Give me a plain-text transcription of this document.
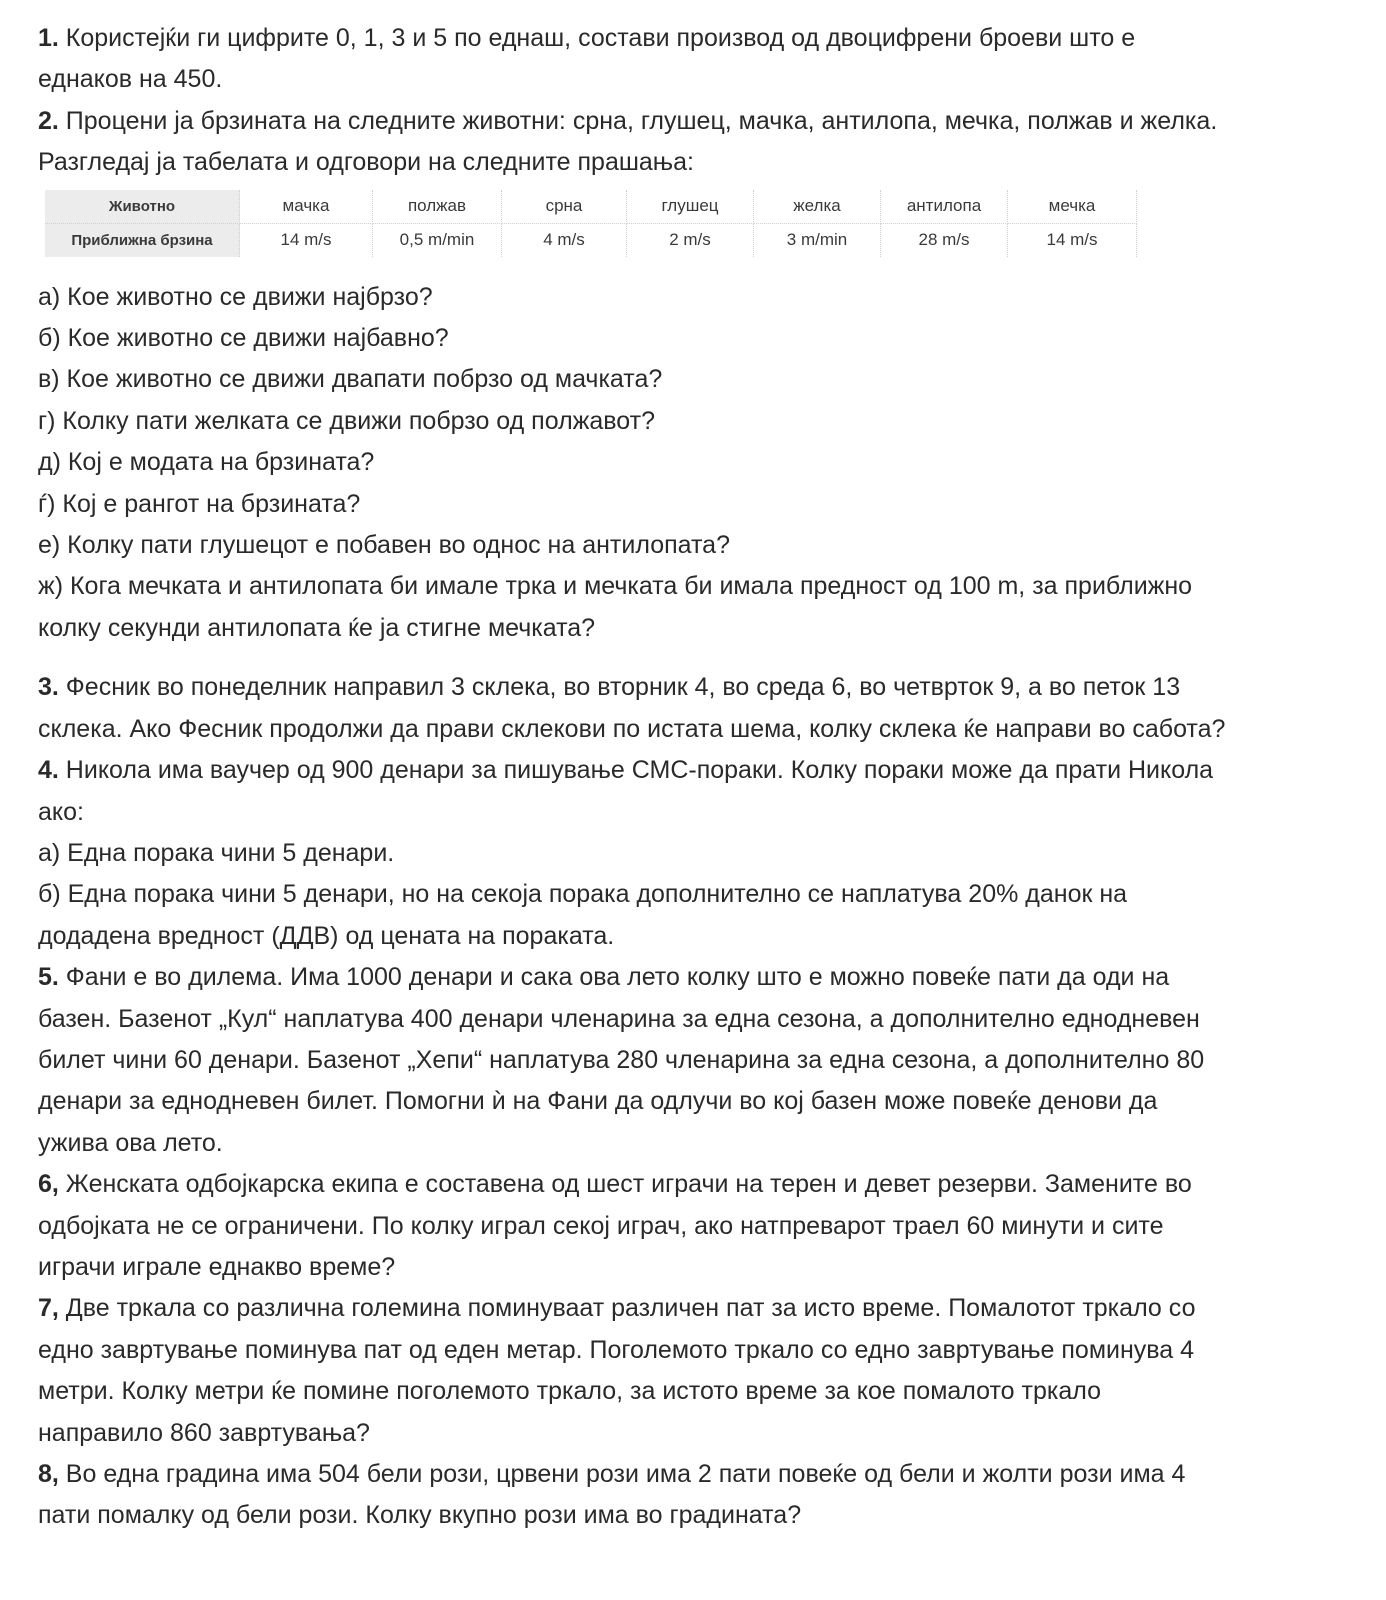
1. Користејќи ги цифрите 0, 1, 3 и 5 по еднаш, состави производ од двоцифрени броеви што е

еднаков на 450.

2. Процени ја брзината на следните животни: срна, глушец, мачка, антилопа, мечка, полжав и желка.

Разгледај ја табелата и одговори на следните прашања:

Животно	мачка	полжав	срна	глушец	желка	антилопа	мечка
Приближна брзина	14 m/s	0,5 m/min	4 m/s	2 m/s	3 m/min	28 m/s	14 m/s

а) Кое животно се движи најбрзо?

б) Кое животно се движи најбавно?

в) Кое животно се движи двапати побрзо од мачката?

г) Колку пати желката се движи побрзо од полжавот?

д) Кој е модата на брзината?

ѓ) Кој е рангот на брзината?

е) Колку пати глушецот е побавен во однос на антилопата?

ж) Кога мечката и антилопата би имале трка и мечката би имала предност од 100 m, за приближно

колку секунди антилопата ќе ја стигне мечката?

3. Фесник во понеделник направил 3 склека, во вторник 4, во среда 6, во четврток 9, а во петок 13

склека. Ако Фесник продолжи да прави склекови по истата шема, колку склека ќе направи во сабота?

4. Никола има ваучер од 900 денари за пишување СМС-пораки. Колку пораки може да прати Никола

ако:

а) Една порака чини 5 денари.

б) Една порака чини 5 денари, но на секоја порака дополнително се наплатува 20% данок на

додадена вредност (ДДВ) од цената на пораката.

5. Фани е во дилема. Има 1000 денари и сака ова лето колку што е можно повеќе пати да оди на

базен. Базенот „Кул“ наплатува 400 денари членарина за една сезона, а дополнително еднодневен

билет чини 60 денари. Базенот „Хепи“ наплатува 280 членарина за една сезона, а дополнително 80

денари за еднодневен билет. Помогни ѝ на Фани да одлучи во кој базен може повеќе денови да

ужива ова лето.

6, Женската одбојкарска екипа е составена од шест играчи на терен и девет резерви. Замените во

одбојката не се ограничени. По колку играл секој играч, ако натпреварот траел 60 минути и сите

играчи играле еднакво време?

7, Две тркала со различна големина поминуваат различен пат за исто време. Помалотот тркало со

едно завртување поминува пат од еден метар. Поголемото тркало со едно завртување поминува 4

метри. Колку метри ќе помине поголемото тркало, за истото време за кое помалото тркало

направило 860 завртувања?

8, Во една градина има 504 бели рози, црвени рози има 2 пати повеќе од бели и жолти рози има 4

пати помалку од бели рози. Колку вкупно рози има во градината?
